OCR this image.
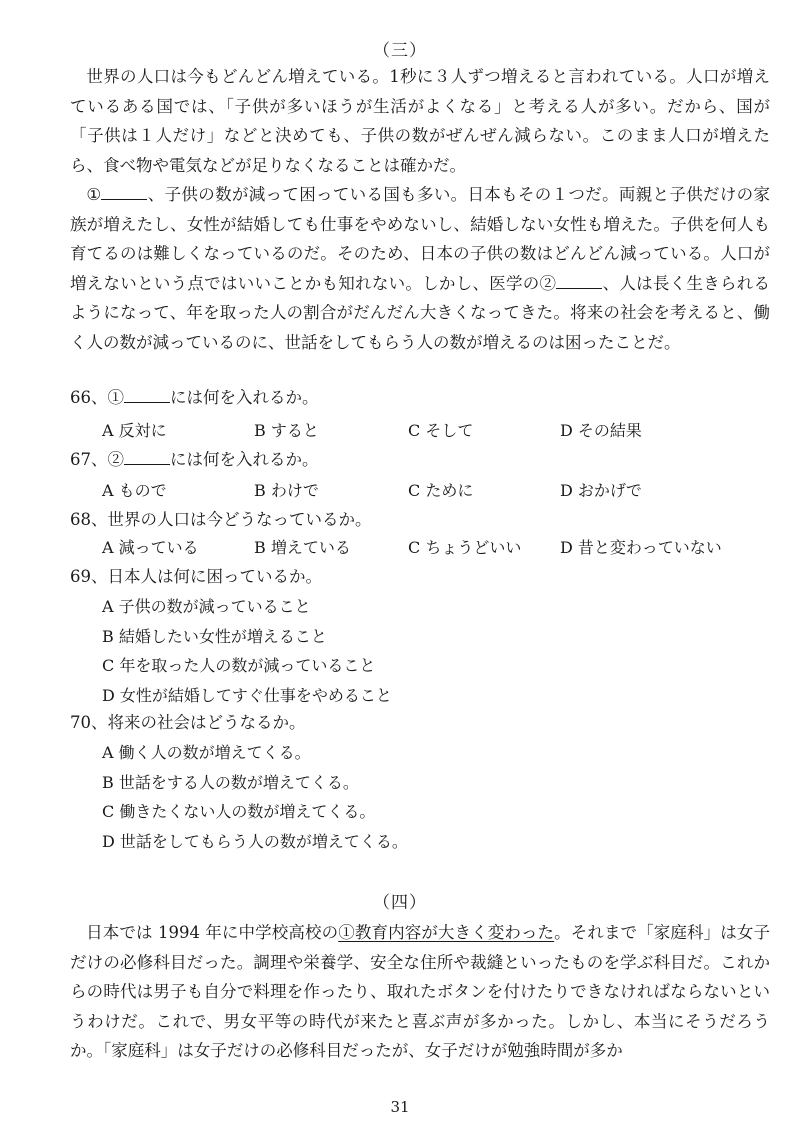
（三）

世界の人口は今もどんどん増えている。1秒に３人ずつ増えると言われている。人口が増えているある国では、「子供が多いほうが生活がよくなる」と考える人が多い。だから、国が「子供は１人だけ」などと決めても、子供の数がぜんぜん減らない。このまま人口が増えたら、食べ物や電気などが足りなくなることは確かだ。

①	、子供の数が減って困っている国も多い。日本もその１つだ。両親と子供だけの家族が増えたし、女性が結婚しても仕事をやめないし、結婚しない女性も増えた。子供を何人も育てるのは難しくなっているのだ。そのため、日本の子供の数はどんどん減っている。人口が増えないという点ではいいことかも知れない。しかし、医学の②	、人は長く生きられるようになって、年を取った人の割合がだんだん大きくなってきた。将来の社会を考えると、働く人の数が減っているのに、世話をしてもらう人の数が増えるのは困ったことだ。

66、①	には何を入れるか。
A 反対に	B すると	C そして	D その結果
67、②	には何を入れるか。
A もので	B わけで	C ために	D おかげで
68、世界の人口は今どうなっているか。
A 減っている	B 増えている	C ちょうどいい D 昔と変わっていない
69、日本人は何に困っているか。
A 子供の数が減っていること
B 結婚したい女性が増えること
C 年を取った人の数が減っていること
D 女性が結婚してすぐ仕事をやめること
70、将来の社会はどうなるか。
A 働く人の数が増えてくる。
B 世話をする人の数が増えてくる。
C 働きたくない人の数が増えてくる。
D 世話をしてもらう人の数が増えてくる。
（四）

日本では 1994 年に中学校高校の①教育内容が大きく変わった。それまで「家庭科」は女子だけの必修科目だった。調理や栄養学、安全な住所や裁縫といったものを学ぶ科目だ。これからの時代は男子も自分で料理を作ったり、取れたボタンを付けたりできなければならないというわけだ。これで、男女平等の時代が来たと喜ぶ声が多かった。しかし、本当にそうだろうか。「家庭科」は女子だけの必修科目だったが、女子だけが勉強時間が多か

31
